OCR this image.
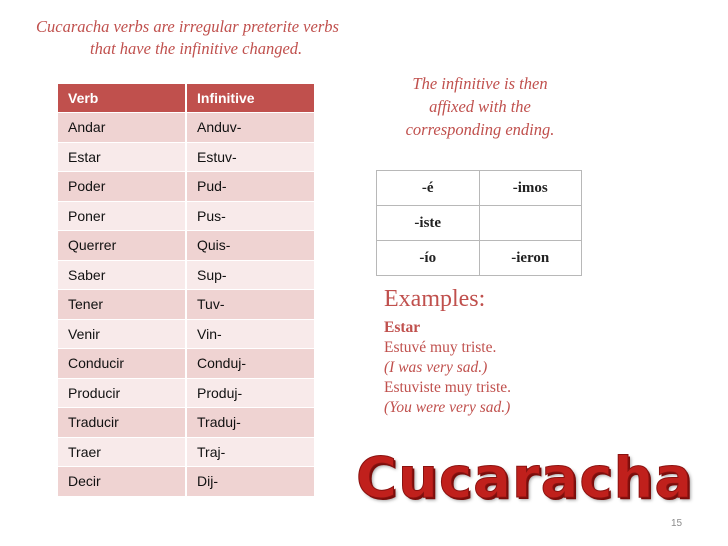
Cucaracha verbs are irregular preterite verbs
that have the infinitive changed.
Verb	Infinitive
Andar	Anduv-
Estar	Estuv-
Poder	Pud-
Poner	Pus-
Querrer	Quis-
Saber	Sup-
Tener	Tuv-
Venir	Vin-
Conducir	Conduj-
Producir	Produj-
Traducir	Traduj-
Traer	Traj-
Decir	Dij-
The infinitive is then
affixed with the
corresponding ending.
-é	-imos
-iste	
-ío	-ieron
Examples:
Estar
Estuvé muy triste.
(I was very sad.)
Estuviste muy triste.
(You were very sad.)
Cucaracha
15
